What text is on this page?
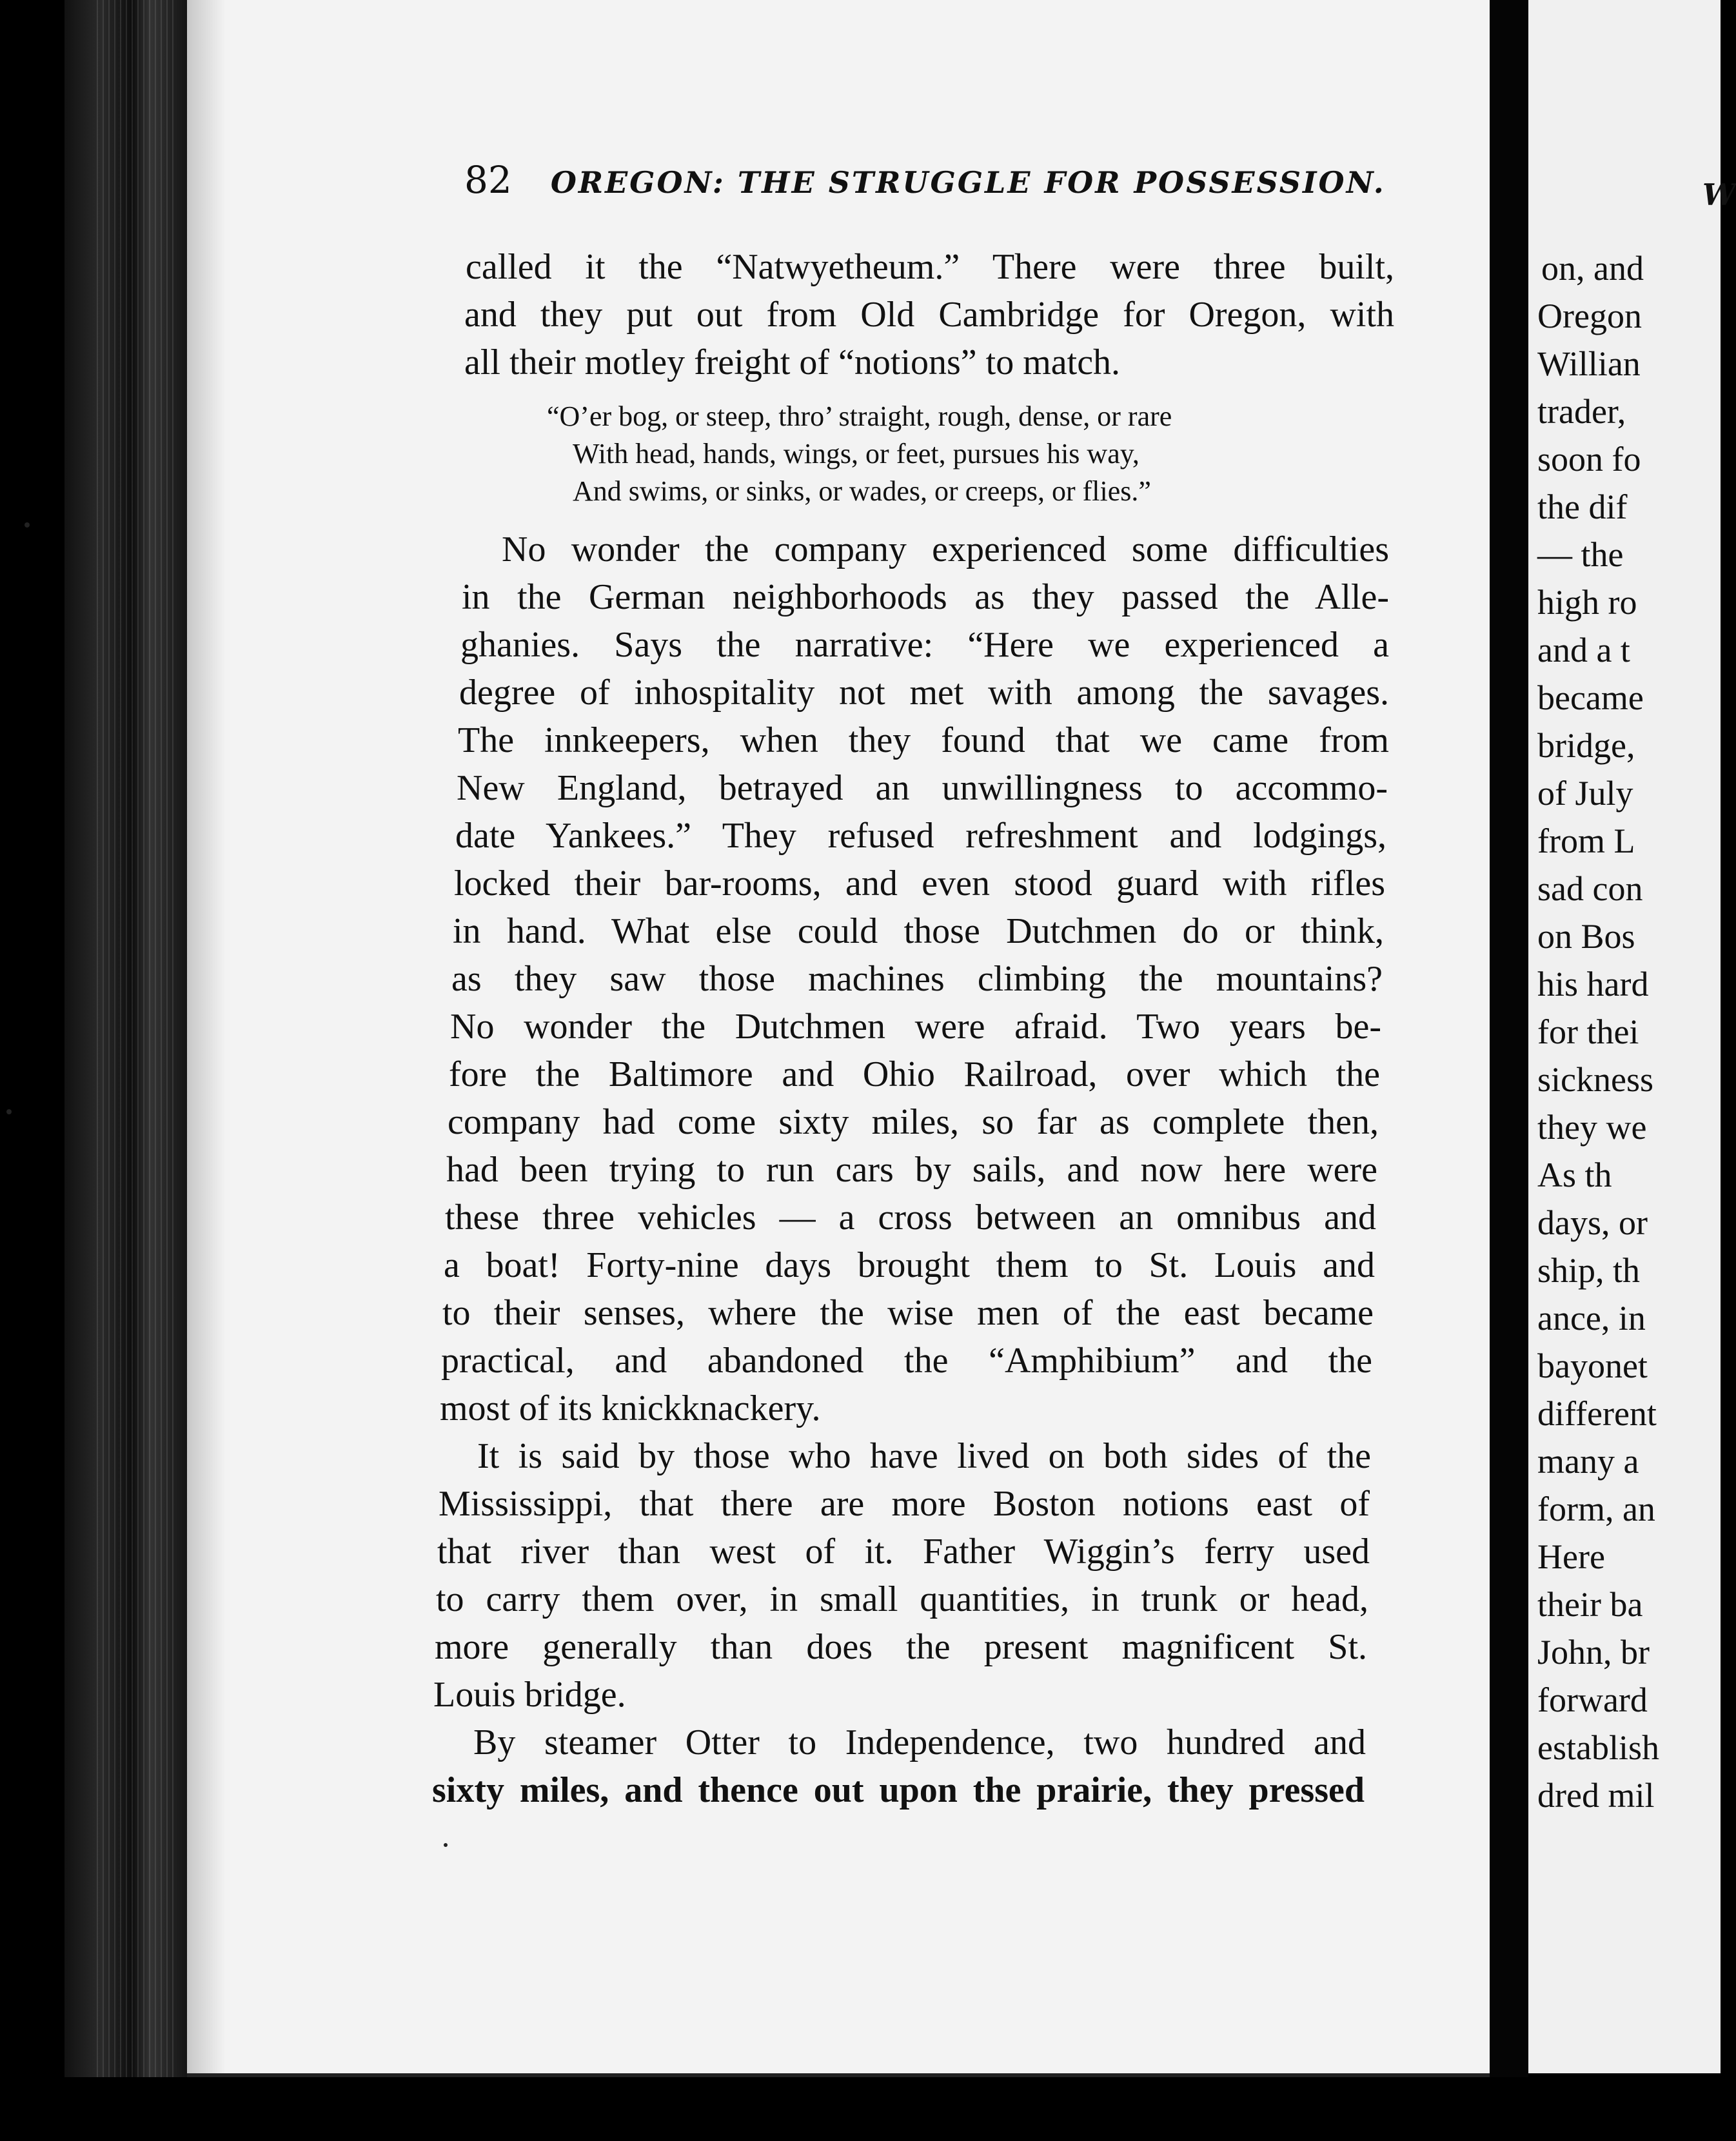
W
on, and
Oregon
Willian
trader,
soon fo
the dif
— the
high ro
and a t
became
bridge,
of July
from L
sad con
on Bos
his hard
for thei
sickness
they we
As th
days, or
ship, th
ance, in
bayonet
different
many a
form, an
Here
their ba
John, br
forward
establish
dred mil
82 OREGON: THE STRUGGLE FOR POSSESSION.
called it the “Natwyetheum.” There were three built,
and they put out from Old Cambridge for Oregon, with
all their motley freight of “notions” to match.
“O’er bog, or steep, thro’ straight, rough, dense, or rare
With head, hands, wings, or feet, pursues his way,
And swims, or sinks, or wades, or creeps, or flies.”
No wonder the company experienced some difficulties
in the German neighborhoods as they passed the Alle-
ghanies. Says the narrative: “Here we experienced a
degree of inhospitality not met with among the savages.
The innkeepers, when they found that we came from
New England, betrayed an unwillingness to accommo-
date Yankees.” They refused refreshment and lodgings,
locked their bar-rooms, and even stood guard with rifles
in hand. What else could those Dutchmen do or think,
as they saw those machines climbing the mountains?
No wonder the Dutchmen were afraid. Two years be-
fore the Baltimore and Ohio Railroad, over which the
company had come sixty miles, so far as complete then,
had been trying to run cars by sails, and now here were
these three vehicles — a cross between an omnibus and
a boat! Forty-nine days brought them to St. Louis and
to their senses, where the wise men of the east became
practical, and abandoned the “Amphibium” and the
most of its knickknackery.
It is said by those who have lived on both sides of the
Mississippi, that there are more Boston notions east of
that river than west of it. Father Wiggin’s ferry used
to carry them over, in small quantities, in trunk or head,
more generally than does the present magnificent St.
Louis bridge.
By steamer Otter to Independence, two hundred and
sixty miles, and thence out upon the prairie, they pressed
